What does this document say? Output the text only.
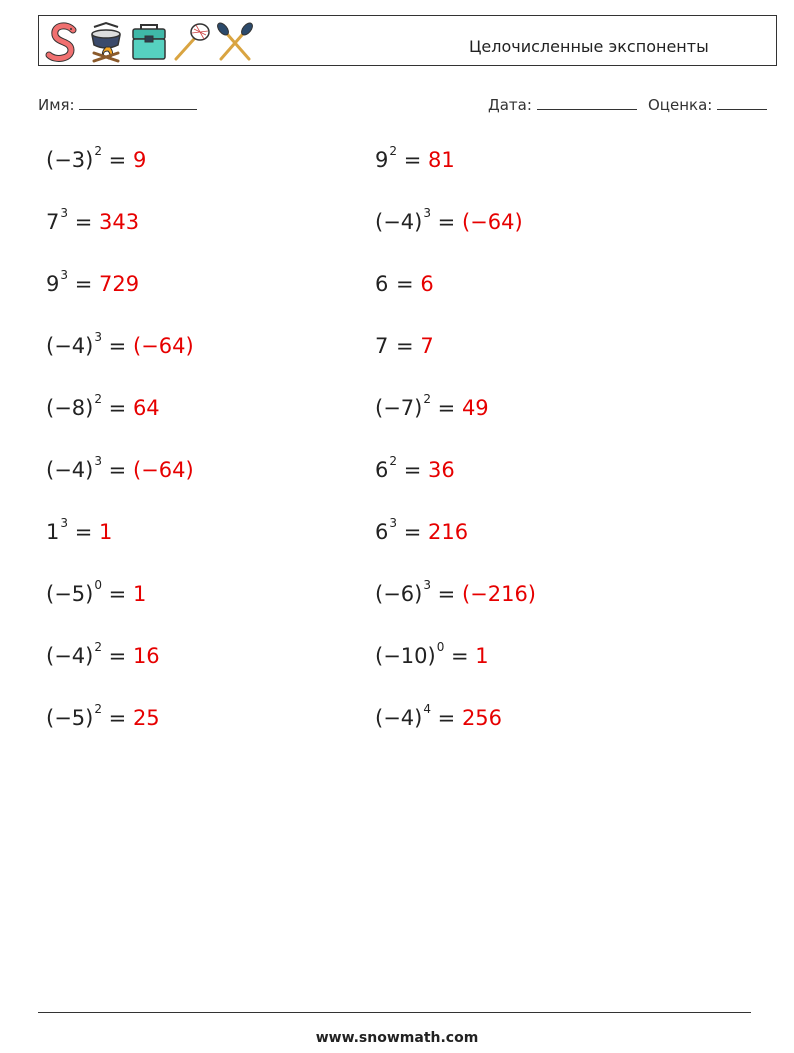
Целочисленные экспоненты
Имя:	Дата:	Оценка:
$(-3)^2 = 9$	$9^2 = 81$
$7^3 = 343$	$(-4)^3 = (-64)$
$9^3 = 729$	6 = 6
$(-4)^3 = (-64)$	7 = 7
$(-8)^2 = 64$	$(-7)^2 = 49$
$(-4)^3 = (-64)$	$6^2 = 36$
$1^3 = 1$	$6^3 = 216$
$(-5)^0 = 1$	$(-6)^3 = (-216)$
$(-4)^2 = 16$	$(-10)^0 = 1$
$(-5)^2 = 25$	$(-4)^4 = 256$
www.snowmath.com
